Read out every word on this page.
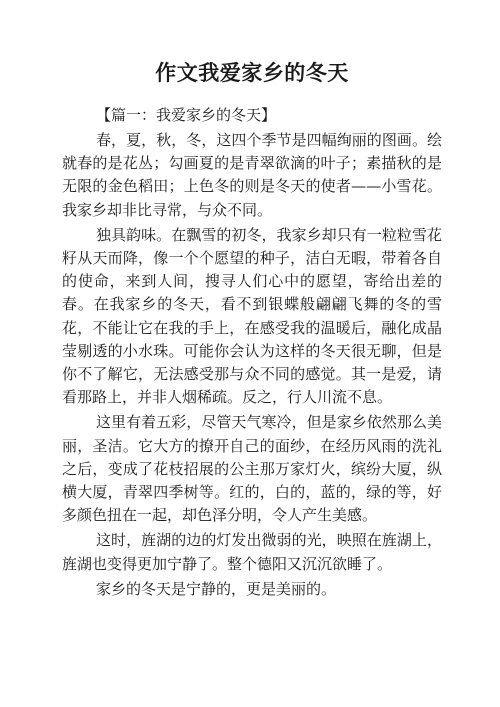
作文我爱家乡的冬天

【篇一：我爱家乡的冬天】

春，夏，秋，冬，这四个季节是四幅绚丽的图画。绘就春的是花丛；勾画夏的是青翠欲滴的叶子；素描秋的是无限的金色稻田；上色冬的则是冬天的使者——小雪花。我家乡却非比寻常，与众不同。

独具韵味。在飘雪的初冬，我家乡却只有一粒粒雪花籽从天而降，像一个个愿望的种子，洁白无暇，带着各自的使命，来到人间，搜寻人们心中的愿望，寄给出差的春。在我家乡的冬天，看不到银蝶般翩翩飞舞的冬的雪花，不能让它在我的手上，在感受我的温暖后，融化成晶莹剔透的小水珠。可能你会认为这样的冬天很无聊，但是你不了解它，无法感受那与众不同的感觉。其一是爱，请看那路上，并非人烟稀疏。反之，行人川流不息。

这里有着五彩，尽管天气寒冷，但是家乡依然那么美丽，圣洁。它大方的撩开自己的面纱，在经历风雨的洗礼之后，变成了花枝招展的公主那万家灯火，缤纷大厦，纵横大厦，青翠四季树等。红的，白的，蓝的，绿的等，好多颜色扭在一起，却色泽分明，令人产生美感。

这时，旌湖的边的灯发出微弱的光，映照在旌湖上，旌湖也变得更加宁静了。整个德阳又沉沉欲睡了。

家乡的冬天是宁静的，更是美丽的。
